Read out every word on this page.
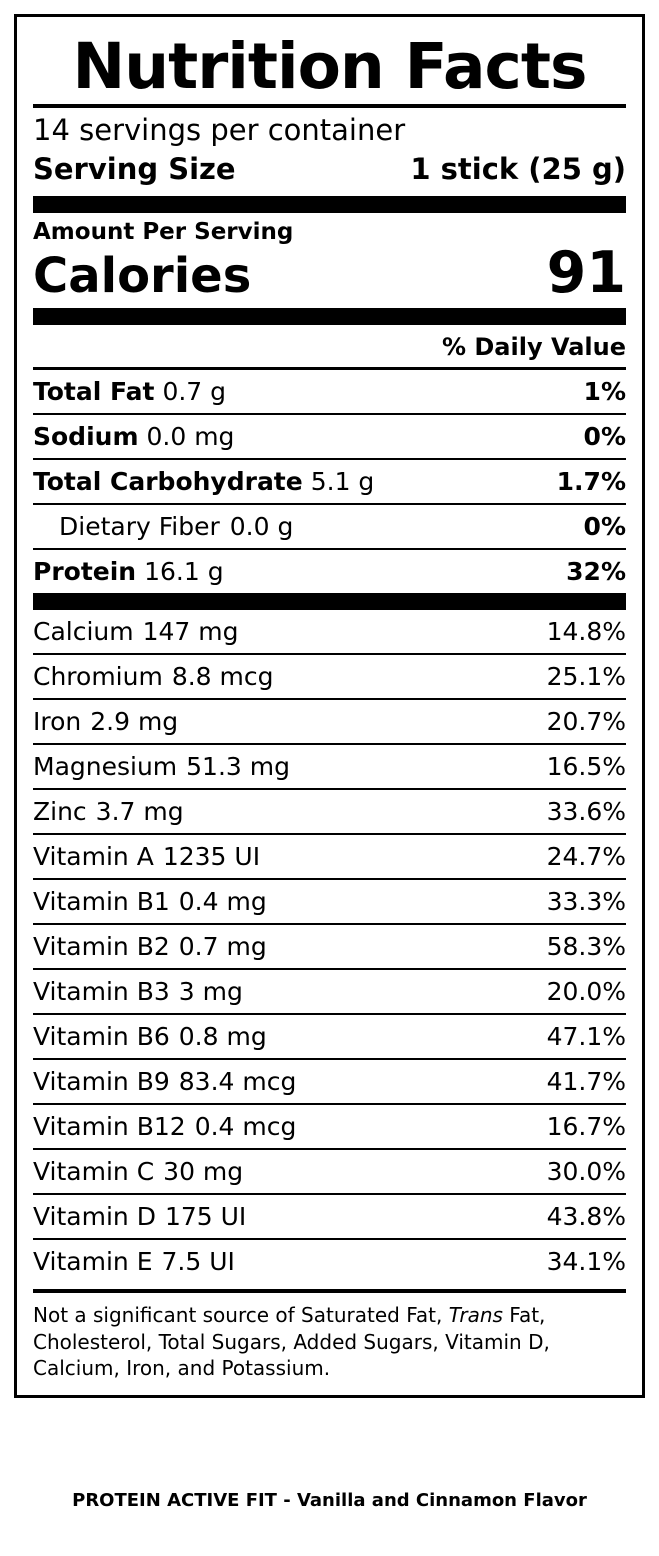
Nutrition Facts
14 servings per container
Serving Size	1 stick (25 g)
Amount Per Serving
Calories	91
% Daily Value
Total Fat 0.7 g	1%
Sodium 0.0 mg	0%
Total Carbohydrate 5.1 g	1.7%
Dietary Fiber 0.0 g	0%
Protein 16.1 g	32%
Calcium 147 mg	14.8%
Chromium 8.8 mcg	25.1%
Iron 2.9 mg	20.7%
Magnesium 51.3 mg	16.5%
Zinc 3.7 mg	33.6%
Vitamin A 1235 UI	24.7%
Vitamin B1 0.4 mg	33.3%
Vitamin B2 0.7 mg	58.3%
Vitamin B3 3 mg	20.0%
Vitamin B6 0.8 mg	47.1%
Vitamin B9 83.4 mcg	41.7%
Vitamin B12 0.4 mcg	16.7%
Vitamin C 30 mg	30.0%
Vitamin D 175 UI	43.8%
Vitamin E 7.5 UI	34.1%
Not a significant source of Saturated Fat, Trans Fat, Cholesterol, Total Sugars, Added Sugars, Vitamin D, Calcium, Iron, and Potassium.
PROTEIN ACTIVE FIT - Vanilla and Cinnamon Flavor
